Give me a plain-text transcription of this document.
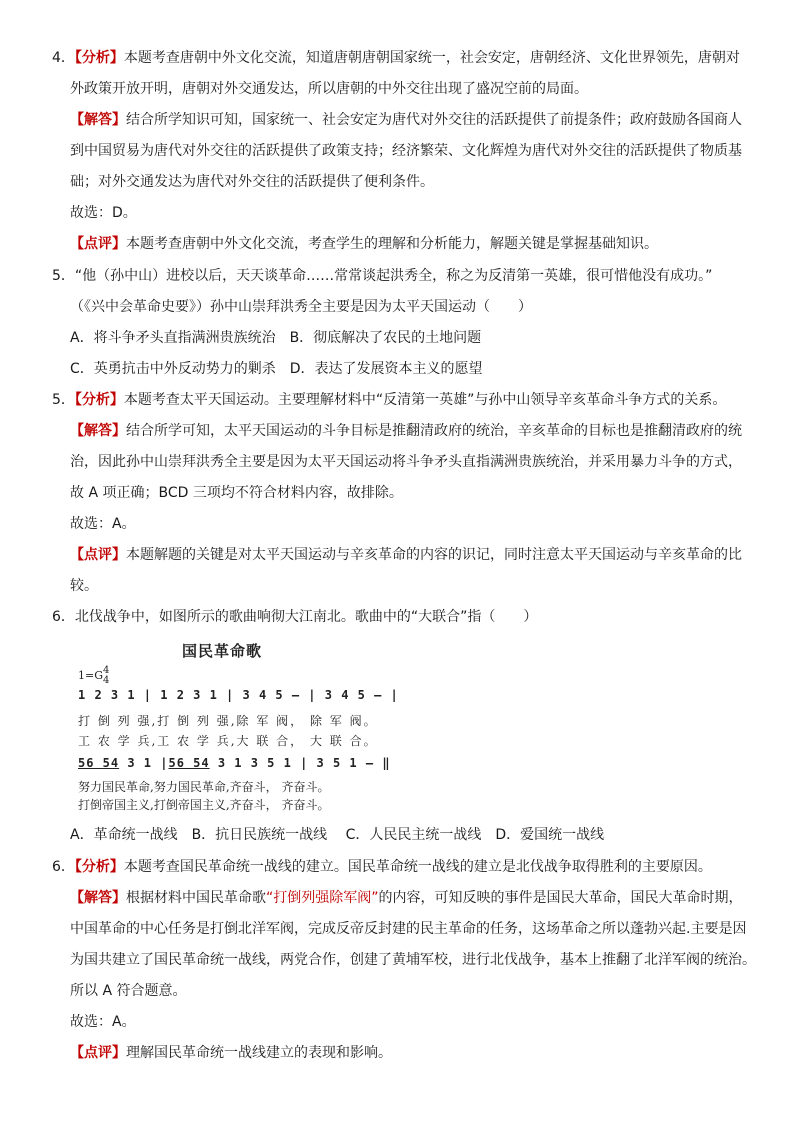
4．【分析】本题考查唐朝中外文化交流，知道唐朝唐朝国家统一，社会安定，唐朝经济、文化世界领先，唐朝对
外政策开放开明，唐朝对外交通发达，所以唐朝的中外交往出现了盛况空前的局面。
【解答】结合所学知识可知，国家统一、社会安定为唐代对外交往的活跃提供了前提条件；政府鼓励各国商人
到中国贸易为唐代对外交往的活跃提供了政策支持；经济繁荣、文化辉煌为唐代对外交往的活跃提供了物质基
础；对外交通发达为唐代对外交往的活跃提供了便利条件。
故选：D。
【点评】本题考查唐朝中外文化交流，考查学生的理解和分析能力，解题关键是掌握基础知识。
5．“他（孙中山）进校以后，天天谈革命……常常谈起洪秀全，称之为反清第一英雄，很可惜他没有成功。”
（《兴中会革命史要》）孙中山崇拜洪秀全主要是因为太平天国运动（　　）
A．将斗争矛头直指满洲贵族统治　B．彻底解决了农民的土地问题
C．英勇抗击中外反动势力的剿杀　D．表达了发展资本主义的愿望
5．【分析】本题考查太平天国运动。主要理解材料中“反清第一英雄”与孙中山领导辛亥革命斗争方式的关系。
【解答】结合所学可知，太平天国运动的斗争目标是推翻清政府的统治，辛亥革命的目标也是推翻清政府的统
治，因此孙中山崇拜洪秀全主要是因为太平天国运动将斗争矛头直指满洲贵族统治，并采用暴力斗争的方式，
故 A 项正确；BCD 三项均不符合材料内容，故排除。
故选：A。
【点评】本题解题的关键是对太平天国运动与辛亥革命的内容的识记，同时注意太平天国运动与辛亥革命的比
较。
6．北伐战争中，如图所示的歌曲响彻大江南北。歌曲中的“大联合”指（　　）
国民革命歌
1=G4
4
1 2 3 1 | 1 2 3 1 | 3 4 5 – | 3 4 5 – |
打 倒 列 强,打 倒 列 强,除 军 阀， 除 军 阀。
工 农 学 兵,工 农 学 兵,大 联 合， 大 联 合。
56 54 3 1 |56 54 3 1 3 5 1 | 3 5 1 – ‖
努力国民革命,努力国民革命,齐奋斗， 齐奋斗。
打倒帝国主义,打倒帝国主义,齐奋斗， 齐奋斗。
A．革命统一战线　B．抗日民族统一战线　 C．人民民主统一战线　D．爱国统一战线
6．【分析】本题考查国民革命统一战线的建立。国民革命统一战线的建立是北伐战争取得胜利的主要原因。
【解答】根据材料中国民革命歌“打倒列强除军阀”的内容，可知反映的事件是国民大革命，国民大革命时期，
中国革命的中心任务是打倒北洋军阀，完成反帝反封建的民主革命的任务，这场革命之所以蓬勃兴起.主要是因
为国共建立了国民革命统一战线，两党合作，创建了黄埔军校，进行北伐战争，基本上推翻了北洋军阀的统治。
所以 A 符合题意。
故选：A。
【点评】理解国民革命统一战线建立的表现和影响。
